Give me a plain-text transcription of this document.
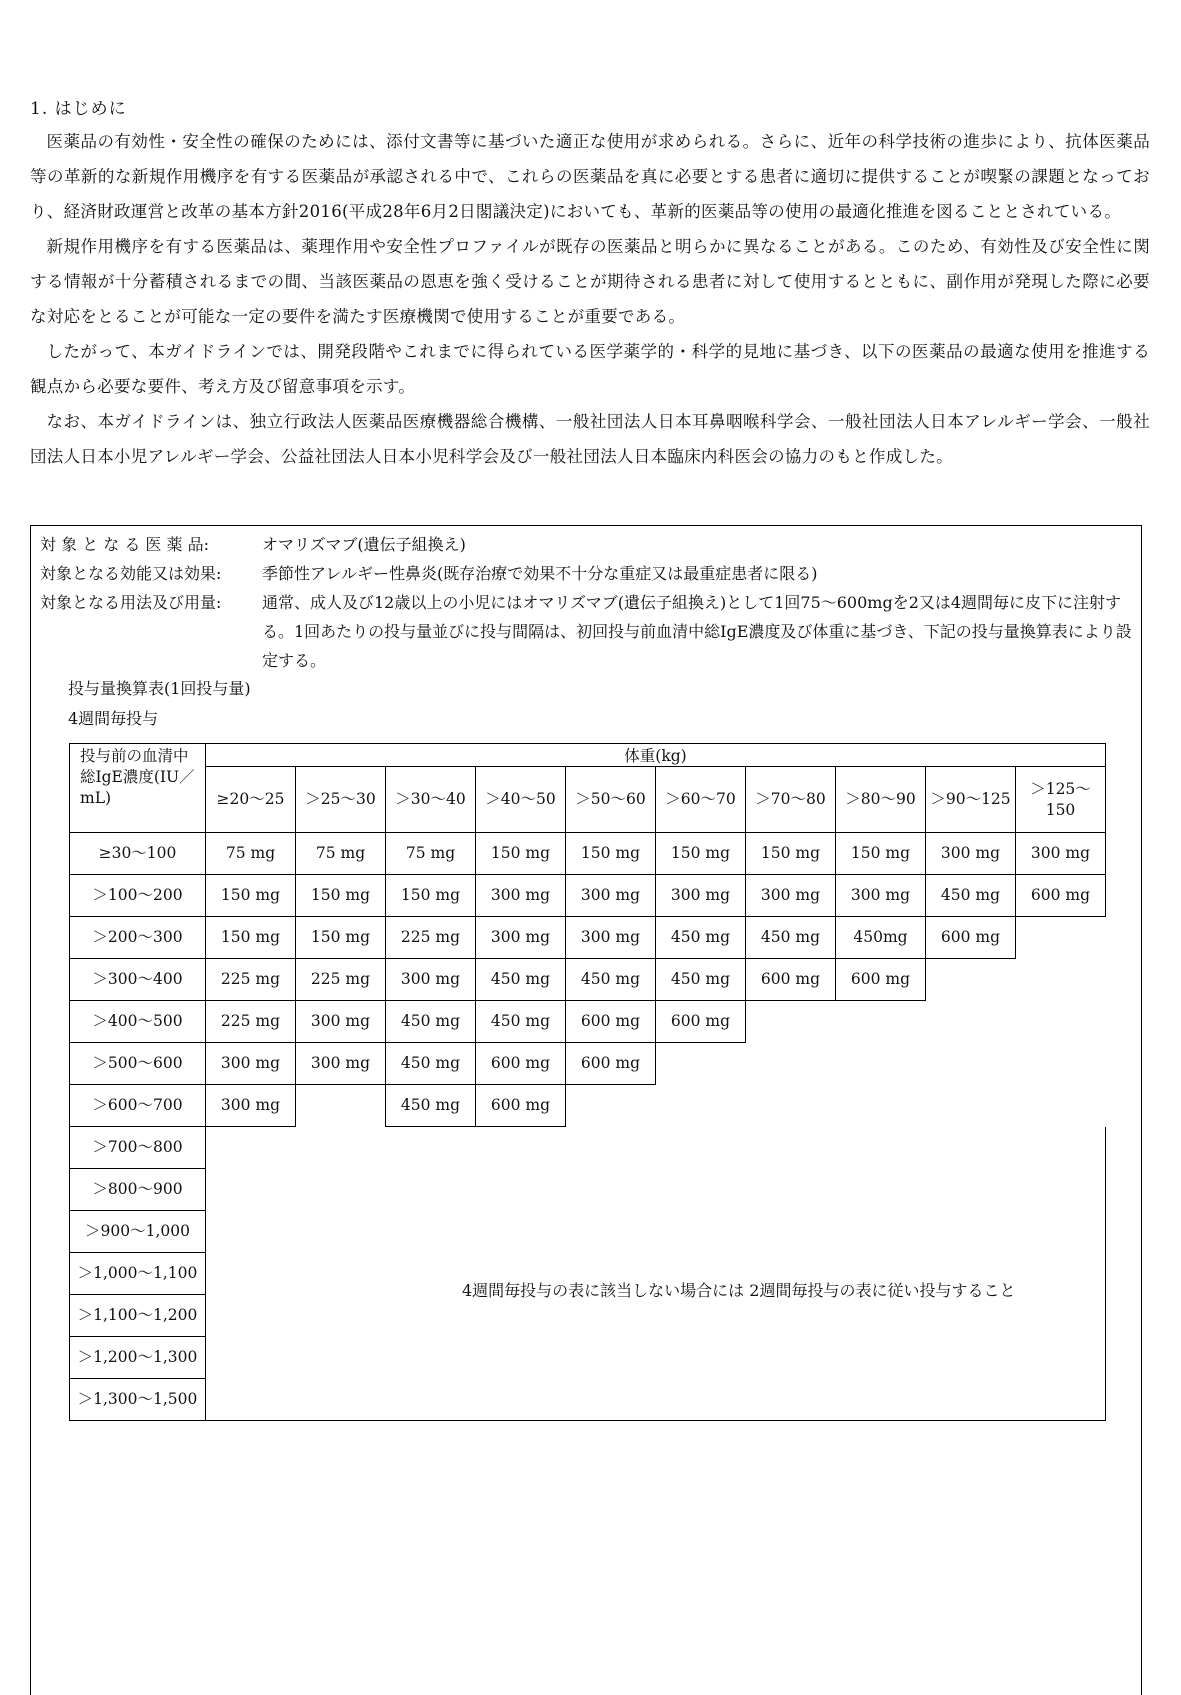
1. はじめに

医薬品の有効性・安全性の確保のためには、添付文書等に基づいた適正な使用が求められる。さらに、近年の科学技術の進歩により、抗体医薬品等の革新的な新規作用機序を有する医薬品が承認される中で、これらの医薬品を真に必要とする患者に適切に提供することが喫緊の課題となっており、経済財政運営と改革の基本方針2016(平成28年6月2日閣議決定)においても、革新的医薬品等の使用の最適化推進を図ることとされている。

新規作用機序を有する医薬品は、薬理作用や安全性プロファイルが既存の医薬品と明らかに異なることがある。このため、有効性及び安全性に関する情報が十分蓄積されるまでの間、当該医薬品の恩恵を強く受けることが期待される患者に対して使用するとともに、副作用が発現した際に必要な対応をとることが可能な一定の要件を満たす医療機関で使用することが重要である。

したがって、本ガイドラインでは、開発段階やこれまでに得られている医学薬学的・科学的見地に基づき、以下の医薬品の最適な使用を推進する観点から必要な要件、考え方及び留意事項を示す。

なお、本ガイドラインは、独立行政法人医薬品医療機器総合機構、一般社団法人日本耳鼻咽喉科学会、一般社団法人日本アレルギー学会、一般社団法人日本小児アレルギー学会、公益社団法人日本小児科学会及び一般社団法人日本臨床内科医会の協力のもと作成した。

対 象 と な る 医 薬 品:	オマリズマブ(遺伝子組換え)
対象となる効能又は効果:	季節性アレルギー性鼻炎(既存治療で効果不十分な重症又は最重症患者に限る)
対象となる用法及び用量:	通常、成人及び12歳以上の小児にはオマリズマブ(遺伝子組換え)として1回75～600mgを2又は4週間毎に皮下に注射する。1回あたりの投与量並びに投与間隔は、初回投与前血清中総IgE濃度及び体重に基づき、下記の投与量換算表により設定する。
投与量換算表(1回投与量)
4週間毎投与
投与前の血清中総IgE濃度(IU／mL)	体重(kg)									
	≥20～25	＞25～30	＞30～40	＞40～50	＞50～60	＞60～70	＞70～80	＞80～90	＞90～125	＞125～150
≥30～100	75 mg	75 mg	75 mg	150 mg	150 mg	150 mg	150 mg	150 mg	300 mg	300 mg
＞100～200	150 mg	150 mg	150 mg	300 mg	300 mg	300 mg	300 mg	300 mg	450 mg	600 mg
＞200～300	150 mg	150 mg	225 mg	300 mg	300 mg	450 mg	450 mg	450mg	600 mg	
＞300～400	225 mg	225 mg	300 mg	450 mg	450 mg	450 mg	600 mg	600 mg		
＞400～500	225 mg	300 mg	450 mg	450 mg	600 mg	600 mg				
＞500～600	300 mg	300 mg	450 mg	600 mg	600 mg					
＞600～700	300 mg		450 mg	600 mg						
＞700～800										
＞800～900										
＞900～1,000										
＞1,000～1,100										
＞1,100～1,200										
＞1,200～1,300										
＞1,300～1,500										
4週間毎投与の表に該当しない場合には 2週間毎投与の表に従い投与すること
